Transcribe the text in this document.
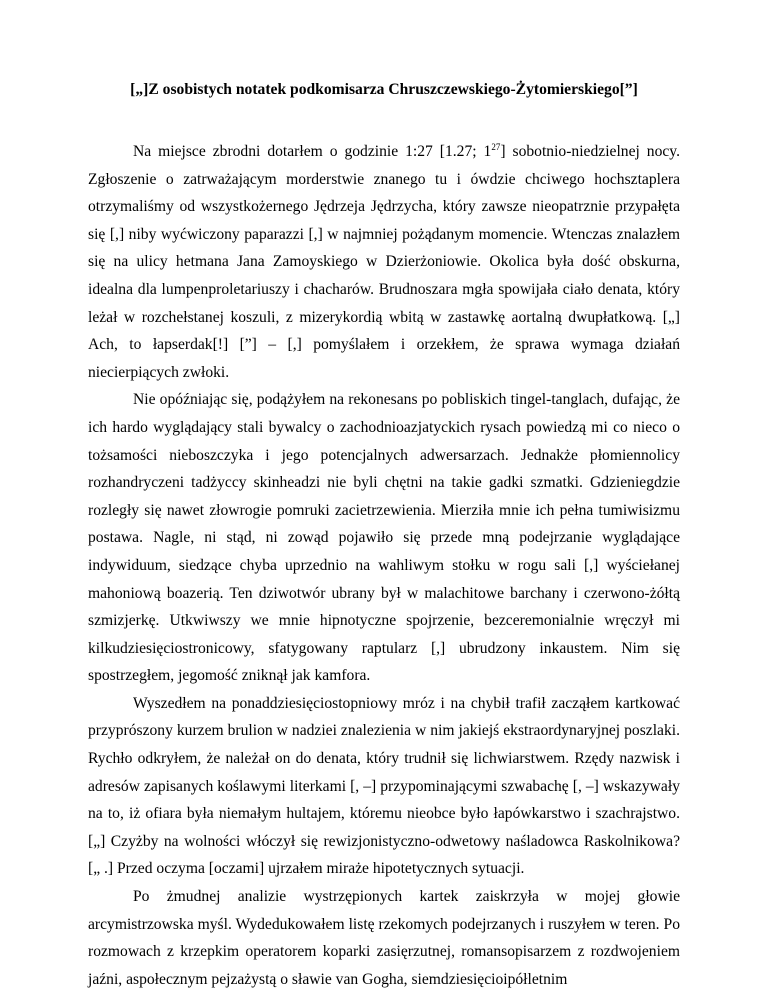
[„]Z osobistych notatek podkomisarza Chruszczewskiego-Żytomierskiego[”]

Na miejsce zbrodni dotarłem o godzinie 1:27 [1.27; $1^{27}$] sobotnio-niedzielnej nocy. Zgłoszenie o zatrważającym morderstwie znanego tu i ówdzie chciwego hochsztaplera otrzymaliśmy od wszystkożernego Jędrzeja Jędrzycha, który zawsze nieopatrznie przypałęta się [,] niby wyćwiczony paparazzi [,] w najmniej pożądanym momencie. Wtenczas znalazłem się na ulicy hetmana Jana Zamoyskiego w Dzierżoniowie. Okolica była dość obskurna, idealna dla lumpenproletariuszy i chacharów. Brudnoszara mgła spowijała ciało denata, który leżał w rozchełstanej koszuli, z mizerykordią wbitą w zastawkę aortalną dwupłatkową. [„] Ach, to łapserdak[!] [”] – [,] pomyślałem i orzekłem, że sprawa wymaga działań niecierpiących zwłoki.

Nie opóźniając się, podążyłem na rekonesans po pobliskich tingel-tanglach, dufając, że ich hardo wyglądający stali bywalcy o zachodnioazjatyckich rysach powiedzą mi co nieco o tożsamości nieboszczyka i jego potencjalnych adwersarzach. Jednakże płomiennolicy rozhandryczeni tadżyccy skinheadzi nie byli chętni na takie gadki szmatki. Gdzieniegdzie rozległy się nawet złowrogie pomruki zacietrzewienia. Mierziła mnie ich pełna tumiwisizmu postawa. Nagle, ni stąd, ni zowąd pojawiło się przede mną podejrzanie wyglądające indywiduum, siedzące chyba uprzednio na wahliwym stołku w rogu sali [,] wyściełanej mahoniową boazerią. Ten dziwotwór ubrany był w malachitowe barchany i czerwono-żółtą szmizjerkę. Utkwiwszy we mnie hipnotyczne spojrzenie, bezceremonialnie wręczył mi kilkudziesięciostronicowy, sfatygowany raptularz [,] ubrudzony inkaustem. Nim się spostrzegłem, jegomość zniknął jak kamfora.

Wyszedłem na ponaddziesięciostopniowy mróz i na chybił trafił zacząłem kartkować przyprószony kurzem brulion w nadziei znalezienia w nim jakiejś ekstraordynaryjnej poszlaki. Rychło odkryłem, że należał on do denata, który trudnił się lichwiarstwem. Rzędy nazwisk i adresów zapisanych koślawymi literkami [, –] przypominającymi szwabachę [, –] wskazywały na to, iż ofiara była niemałym hultajem, któremu nieobce było łapówkarstwo i szachrajstwo. [„] Czyżby na wolności włóczył się rewizjonistyczno-odwetowy naśladowca Raskolnikowa? [„ .] Przed oczyma [oczami] ujrzałem miraże hipotetycznych sytuacji.

Po żmudnej analizie wystrzępionych kartek zaiskrzyła w mojej głowie arcymistrzowska myśl. Wydedukowałem listę rzekomych podejrzanych i ruszyłem w teren. Po rozmowach z krzepkim operatorem koparki zasięrzutnej, romansopisarzem z rozdwojeniem jaźni, aspołecznym pejzażystą o sławie van Gogha, siemdziesięcioipółletnim
